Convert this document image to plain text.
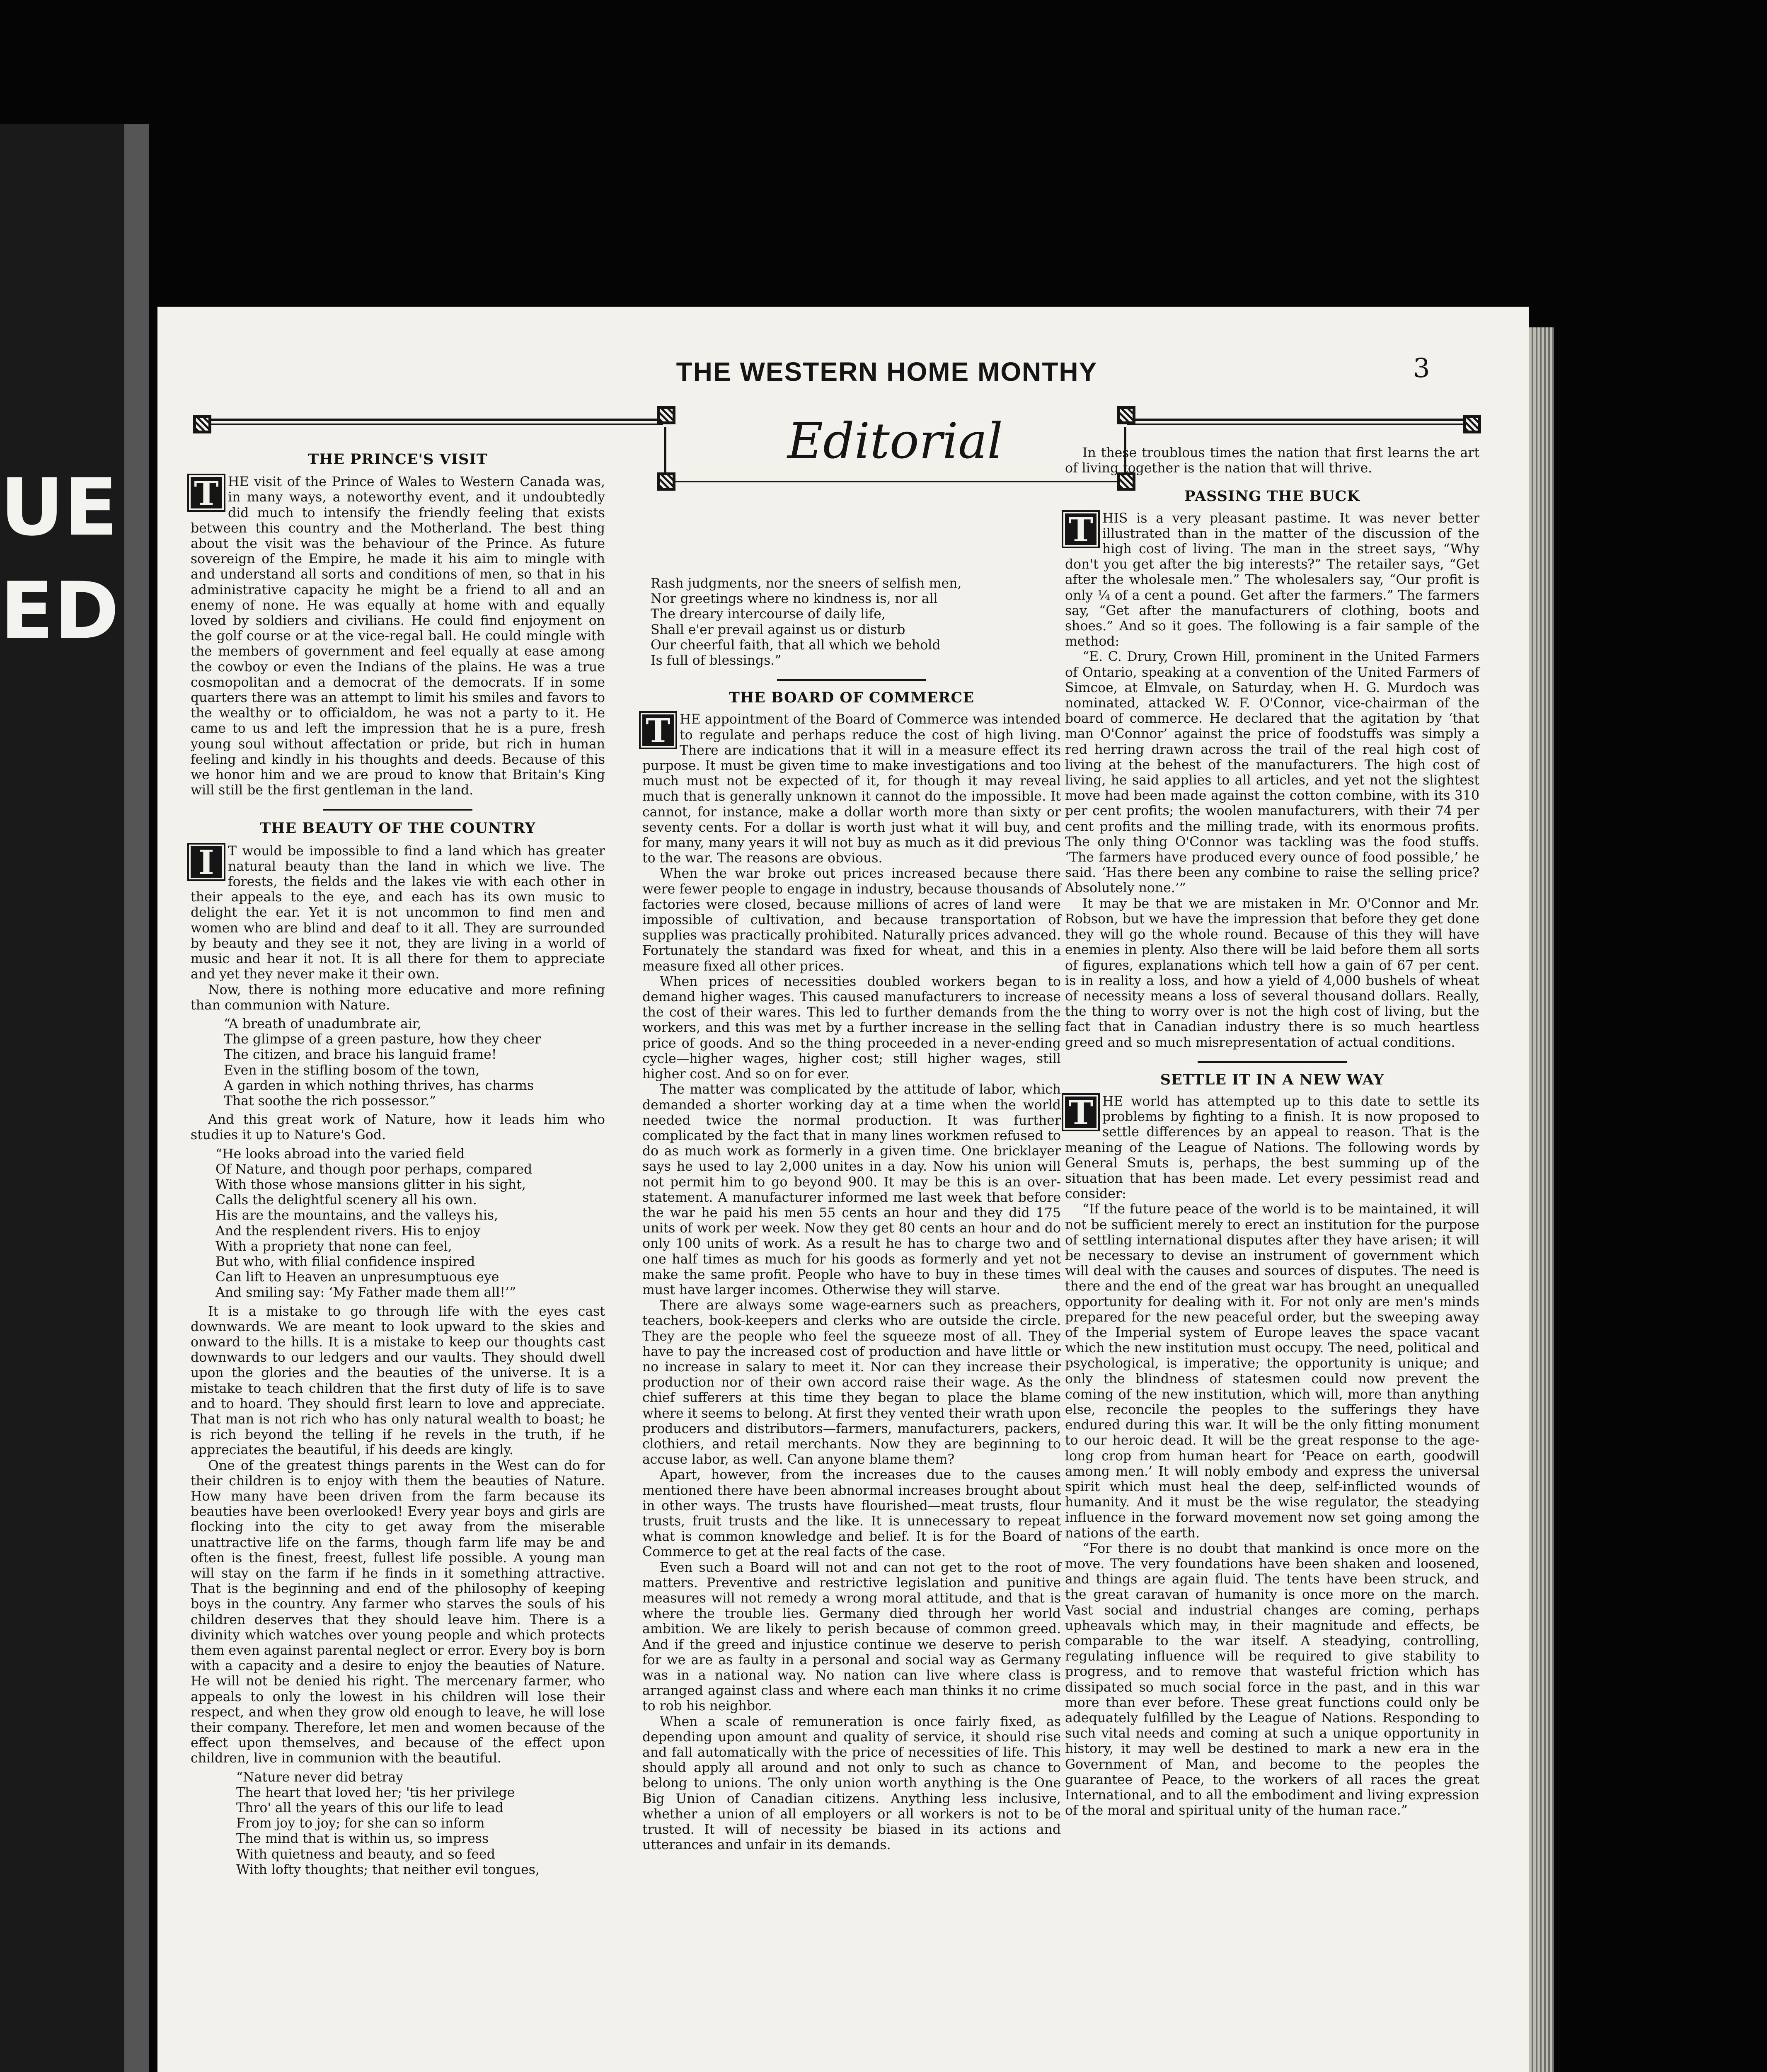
UE
ED
THE WESTERN HOME MONTHY	3
Editorial
THE PRINCE'S VISIT

T HE visit of the Prince of Wales to Western Canada was, in many ways, a noteworthy event, and it undoubtedly did much to intensify the friendly feeling that exists between this country and the Motherland. The best thing about the visit was the behaviour of the Prince. As future sovereign of the Empire, he made it his aim to mingle with and understand all sorts and conditions of men, so that in his administrative capacity he might be a friend to all and an enemy of none. He was equally at home with and equally loved by soldiers and civilians. He could find enjoyment on the golf course or at the vice-regal ball. He could mingle with the members of government and feel equally at ease among the cowboy or even the Indians of the plains. He was a true cosmopolitan and a democrat of the democrats. If in some quarters there was an attempt to limit his smiles and favors to the wealthy or to officialdom, he was not a party to it. He came to us and left the impression that he is a pure, fresh young soul without affectation or pride, but rich in human feeling and kindly in his thoughts and deeds. Because of this we honor him and we are proud to know that Britain's King will still be the first gentleman in the land.

THE BEAUTY OF THE COUNTRY

I	T would be impossible to find a land which has greater natural beauty than the land in which we live. The forests, the fields and the lakes vie with each other in their appeals to the eye, and each has its own music to delight the ear. Yet it is not uncommon to find men and women who are blind and deaf to it all. They are surrounded by beauty and they see it not, they are living in a world of music and hear it not. It is all there for them to appreciate and yet they never make it their own.

Now, there is nothing more educative and more refining than communion with Nature.

“A breath of unadumbrate air,
The glimpse of a green pasture, how they cheer
The citizen, and brace his languid frame!
Even in the stifling bosom of the town,
A garden in which nothing thrives, has charms
That soothe the rich possessor.”

And this great work of Nature, how it leads him who studies it up to Nature's God.

“He looks abroad into the varied field
Of Nature, and though poor perhaps, compared
With those whose mansions glitter in his sight,
Calls the delightful scenery all his own.
His are the mountains, and the valleys his,
And the resplendent rivers. His to enjoy
With a propriety that none can feel,
But who, with filial confidence inspired
Can lift to Heaven an unpresumptuous eye
And smiling say: ‘My Father made them all!’”

It is a mistake to go through life with the eyes cast downwards. We are meant to look upward to the skies and onward to the hills. It is a mistake to keep our thoughts cast downwards to our ledgers and our vaults. They should dwell upon the glories and the beauties of the universe. It is a mistake to teach children that the first duty of life is to save and to hoard. They should first learn to love and appreciate. That man is not rich who has only natural wealth to boast; he is rich beyond the telling if he revels in the truth, if he appreciates the beautiful, if his deeds are kingly.

One of the greatest things parents in the West can do for their children is to enjoy with them the beauties of Nature. How many have been driven from the farm because its beauties have been overlooked! Every year boys and girls are flocking into the city to get away from the miserable unattractive life on the farms, though farm life may be and often is the finest, freest, fullest life possible. A young man will stay on the farm if he finds in it something attractive. That is the beginning and end of the philosophy of keeping boys in the country. Any farmer who starves the souls of his children deserves that they should leave him. There is a divinity which watches over young people and which protects them even against parental neglect or error. Every boy is born with a capacity and a desire to enjoy the beauties of Nature. He will not be denied his right. The mercenary farmer, who appeals to only the lowest in his children will lose their respect, and when they grow old enough to leave, he will lose their company. Therefore, let men and women because of the effect upon themselves, and because of the effect upon children, live in communion with the beautiful.

“Nature never did betray
The heart that loved her; 'tis her privilege
Thro' all the years of this our life to lead
From joy to joy; for she can so inform
The mind that is within us, so impress
With quietness and beauty, and so feed
With lofty thoughts; that neither evil tongues,
Rash judgments, nor the sneers of selfish men,
Nor greetings where no kindness is, nor all
The dreary intercourse of daily life,
Shall e'er prevail against us or disturb
Our cheerful faith, that all which we behold
Is full of blessings.”
THE BOARD OF COMMERCE

T HE appointment of the Board of Commerce was intended to regulate and perhaps reduce the cost of high living. There are indications that it will in a measure effect its purpose. It must be given time to make investigations and too much must not be expected of it, for though it may reveal much that is generally unknown it cannot do the impossible. It cannot, for instance, make a dollar worth more than sixty or seventy cents. For a dollar is worth just what it will buy, and for many, many years it will not buy as much as it did previous to the war. The reasons are obvious.

When the war broke out prices increased because there were fewer people to engage in industry, because thousands of factories were closed, because millions of acres of land were impossible of cultivation, and because transportation of supplies was practically prohibited. Naturally prices advanced. Fortunately the standard was fixed for wheat, and this in a measure fixed all other prices.

When prices of necessities doubled workers began to demand higher wages. This caused manufacturers to increase the cost of their wares. This led to further demands from the workers, and this was met by a further increase in the selling price of goods. And so the thing proceeded in a never-ending cycle—higher wages, higher cost; still higher wages, still higher cost. And so on for ever.

The matter was complicated by the attitude of labor, which demanded a shorter working day at a time when the world needed twice the normal production. It was further complicated by the fact that in many lines workmen refused to do as much work as formerly in a given time. One bricklayer says he used to lay 2,000 unites in a day. Now his union will not permit him to go beyond 900. It may be this is an over-statement. A manufacturer informed me last week that before the war he paid his men 55 cents an hour and they did 175 units of work per week. Now they get 80 cents an hour and do only 100 units of work. As a result he has to charge two and one half times as much for his goods as formerly and yet not make the same profit. People who have to buy in these times must have larger incomes. Otherwise they will starve.

There are always some wage-earners such as preachers, teachers, book-keepers and clerks who are outside the circle. They are the people who feel the squeeze most of all. They have to pay the increased cost of production and have little or no increase in salary to meet it. Nor can they increase their production nor of their own accord raise their wage. As the chief sufferers at this time they began to place the blame where it seems to belong. At first they vented their wrath upon producers and distributors—farmers, manufacturers, packers, clothiers, and retail merchants. Now they are beginning to accuse labor, as well. Can anyone blame them?

Apart, however, from the increases due to the causes mentioned there have been abnormal increases brought about in other ways. The trusts have flourished—meat trusts, flour trusts, fruit trusts and the like. It is unnecessary to repeat what is common knowledge and belief. It is for the Board of Commerce to get at the real facts of the case.

Even such a Board will not and can not get to the root of matters. Preventive and restrictive legislation and punitive measures will not remedy a wrong moral attitude, and that is where the trouble lies. Germany died through her world ambition. We are likely to perish because of common greed. And if the greed and injustice continue we deserve to perish for we are as faulty in a personal and social way as Germany was in a national way. No nation can live where class is arranged against class and where each man thinks it no crime to rob his neighbor.

When a scale of remuneration is once fairly fixed, as depending upon amount and quality of service, it should rise and fall automatically with the price of necessities of life. This should apply all around and not only to such as chance to belong to unions. The only union worth anything is the One Big Union of Canadian citizens. Anything less inclusive, whether a union of all employers or all workers is not to be trusted. It will of necessity be biased in its actions and utterances and unfair in its demands.

In these troublous times the nation that first learns the art of living together is the nation that will thrive.

PASSING THE BUCK

T HIS is a very pleasant pastime. It was never better illustrated than in the matter of the discussion of the high cost of living. The man in the street says, “Why don't you get after the big interests?” The retailer says, “Get after the wholesale men.” The wholesalers say, “Our profit is only ¼ of a cent a pound. Get after the farmers.” The farmers say, “Get after the manufacturers of clothing, boots and shoes.” And so it goes. The following is a fair sample of the method:

“E. C. Drury, Crown Hill, prominent in the United Farmers of Ontario, speaking at a convention of the United Farmers of Simcoe, at Elmvale, on Saturday, when H. G. Murdoch was nominated, attacked W. F. O'Connor, vice-chairman of the board of commerce. He declared that the agitation by ‘that man O'Connor’ against the price of foodstuffs was simply a red herring drawn across the trail of the real high cost of living at the behest of the manufacturers. The high cost of living, he said applies to all articles, and yet not the slightest move had been made against the cotton combine, with its 310 per cent profits; the woolen manufacturers, with their 74 per cent profits and the milling trade, with its enormous profits. The only thing O'Connor was tackling was the food stuffs. ‘The farmers have produced every ounce of food possible,’ he said. ‘Has there been any combine to raise the selling price? Absolutely none.’”

It may be that we are mistaken in Mr. O'Connor and Mr. Robson, but we have the impression that before they get done they will go the whole round. Because of this they will have enemies in plenty. Also there will be laid before them all sorts of figures, explanations which tell how a gain of 67 per cent. is in reality a loss, and how a yield of 4,000 bushels of wheat of necessity means a loss of several thousand dollars. Really, the thing to worry over is not the high cost of living, but the fact that in Canadian industry there is so much heartless greed and so much misrepresentation of actual conditions.

SETTLE IT IN A NEW WAY

T HE world has attempted up to this date to settle its problems by fighting to a finish. It is now proposed to settle differences by an appeal to reason. That is the meaning of the League of Nations. The following words by General Smuts is, perhaps, the best summing up of the situation that has been made. Let every pessimist read and consider:

“If the future peace of the world is to be maintained, it will not be sufficient merely to erect an institution for the purpose of settling international disputes after they have arisen; it will be necessary to devise an instrument of government which will deal with the causes and sources of disputes. The need is there and the end of the great war has brought an unequalled opportunity for dealing with it. For not only are men's minds prepared for the new peaceful order, but the sweeping away of the Imperial system of Europe leaves the space vacant which the new institution must occupy. The need, political and psychological, is imperative; the opportunity is unique; and only the blindness of statesmen could now prevent the coming of the new institution, which will, more than anything else, reconcile the peoples to the sufferings they have endured during this war. It will be the only fitting monument to our heroic dead. It will be the great response to the age-long crop from human heart for ‘Peace on earth, goodwill among men.’ It will nobly embody and express the universal spirit which must heal the deep, self-inflicted wounds of humanity. And it must be the wise regulator, the steadying influence in the forward movement now set going among the nations of the earth.

“For there is no doubt that mankind is once more on the move. The very foundations have been shaken and loosened, and things are again fluid. The tents have been struck, and the great caravan of humanity is once more on the march. Vast social and industrial changes are coming, perhaps upheavals which may, in their magnitude and effects, be comparable to the war itself. A steadying, controlling, regulating influence will be required to give stability to progress, and to remove that wasteful friction which has dissipated so much social force in the past, and in this war more than ever before. These great functions could only be adequately fulfilled by the League of Nations. Responding to such vital needs and coming at such a unique opportunity in history, it may well be destined to mark a new era in the Government of Man, and become to the peoples the guarantee of Peace, to the workers of all races the great International, and to all the embodiment and living expression of the moral and spiritual unity of the human race.”
